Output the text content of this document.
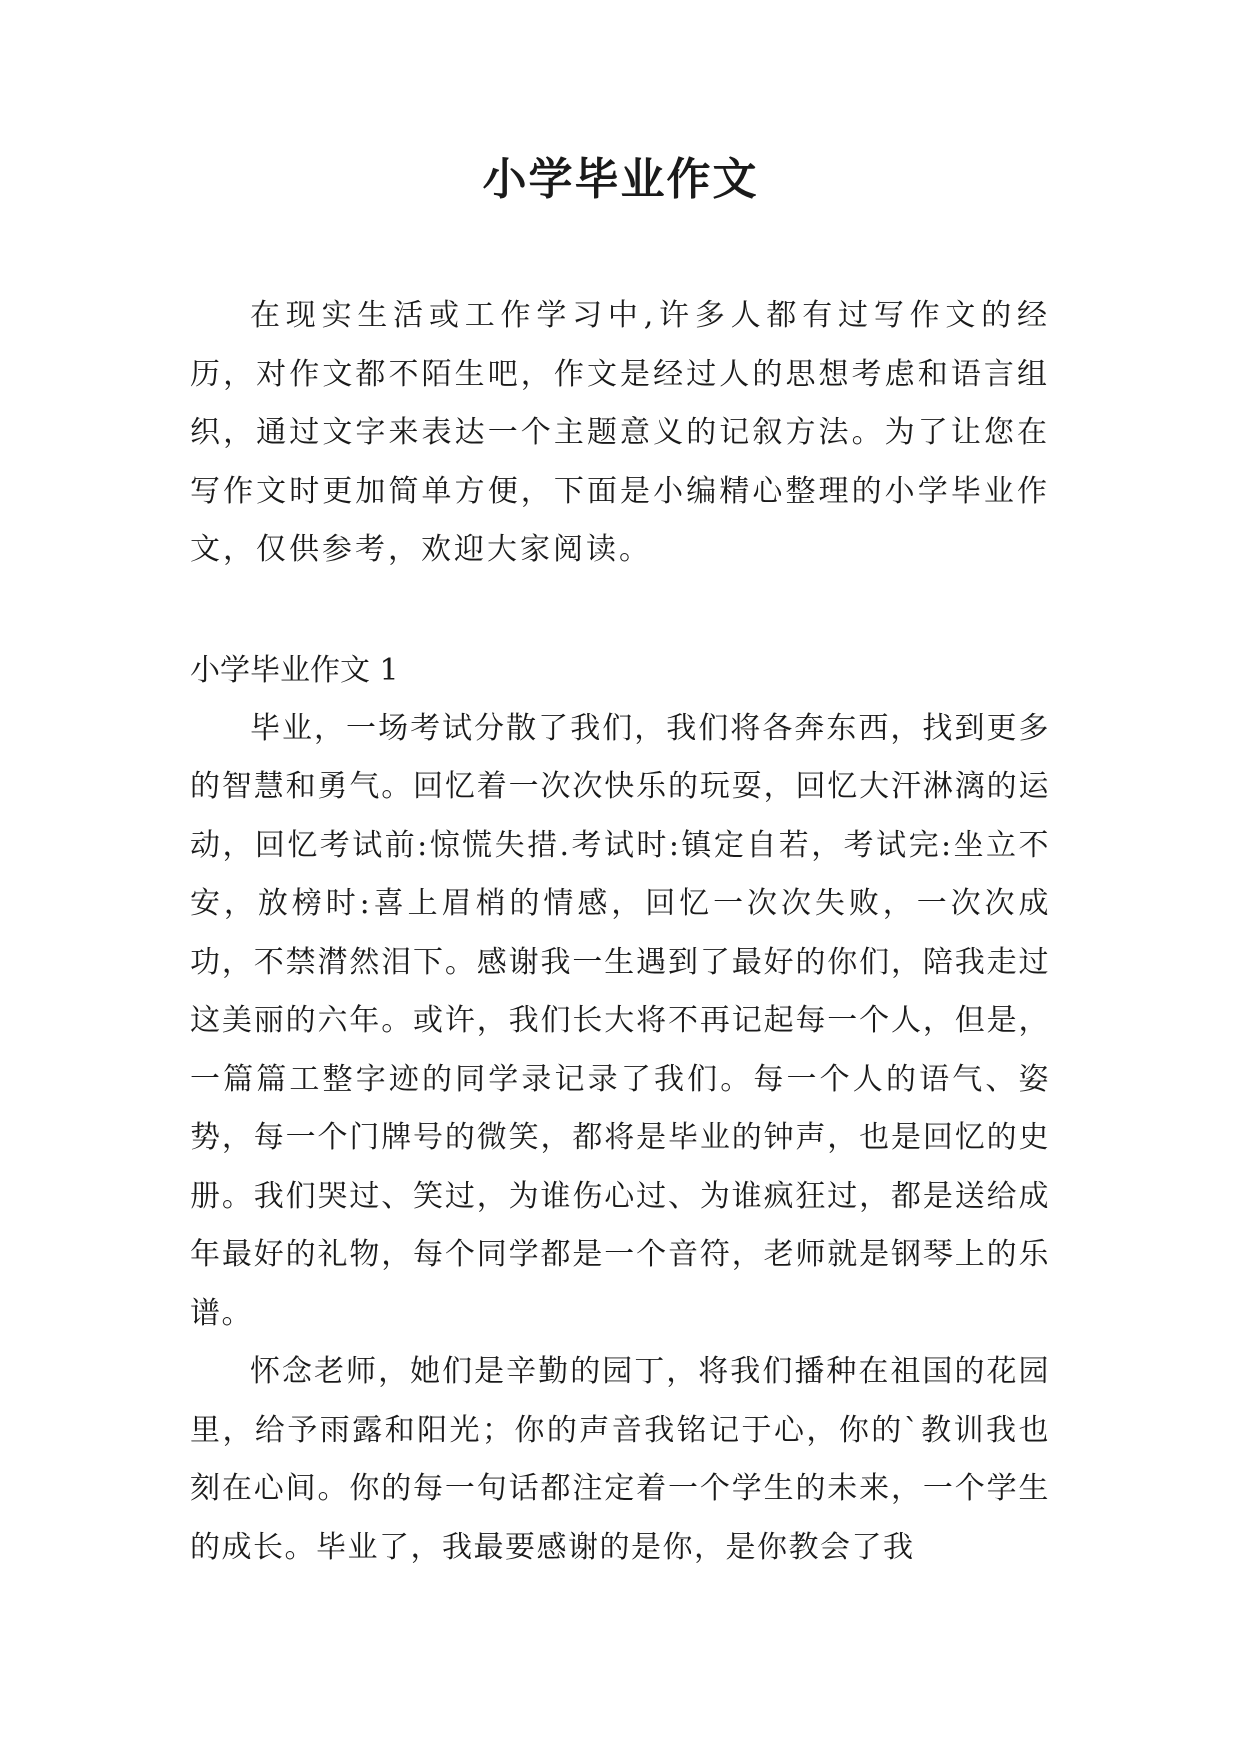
小学毕业作文

在现实生活或工作学习中,许多人都有过写作文的经历，对作文都不陌生吧，作文是经过人的思想考虑和语言组织，通过文字来表达一个主题意义的记叙方法。为了让您在写作文时更加简单方便，下面是小编精心整理的小学毕业作文，仅供参考，欢迎大家阅读。

小学毕业作文 1

毕业，一场考试分散了我们，我们将各奔东西，找到更多的智慧和勇气。回忆着一次次快乐的玩耍，回忆大汗淋漓的运动，回忆考试前:惊慌失措.考试时:镇定自若，考试完:坐立不安，放榜时:喜上眉梢的情感，回忆一次次失败，一次次成功，不禁潸然泪下。感谢我一生遇到了最好的你们，陪我走过这美丽的六年。或许，我们长大将不再记起每一个人，但是，一篇篇工整字迹的同学录记录了我们。每一个人的语气、姿势，每一个门牌号的微笑，都将是毕业的钟声，也是回忆的史册。我们哭过、笑过，为谁伤心过、为谁疯狂过，都是送给成年最好的礼物，每个同学都是一个音符，老师就是钢琴上的乐谱。

怀念老师，她们是辛勤的园丁，将我们播种在祖国的花园里，给予雨露和阳光；你的声音我铭记于心，你的`教训我也刻在心间。你的每一句话都注定着一个学生的未来，一个学生的成长。毕业了，我最要感谢的是你，是你教会了我
